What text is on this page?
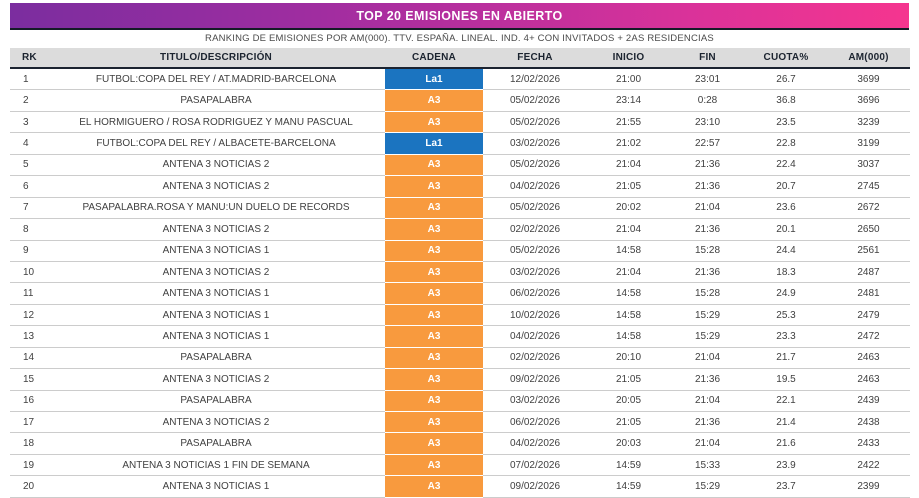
TOP 20 EMISIONES EN ABIERTO
RANKING DE EMISIONES POR AM(000). TTV. ESPAÑA. LINEAL. IND. 4+ CON INVITADOS + 2AS RESIDENCIAS
RK	TITULO/DESCRIPCIÓN	CADENA	FECHA	INICIO	FIN	CUOTA%	AM(000)
1	FUTBOL:COPA DEL REY / AT.MADRID-BARCELONA	La1	12/02/2026	21:00	23:01	26.7	3699
2	PASAPALABRA	A3	05/02/2026	23:14	0:28	36.8	3696
3	EL HORMIGUERO / ROSA RODRIGUEZ Y MANU PASCUAL	A3	05/02/2026	21:55	23:10	23.5	3239
4	FUTBOL:COPA DEL REY / ALBACETE-BARCELONA	La1	03/02/2026	21:02	22:57	22.8	3199
5	ANTENA 3 NOTICIAS 2	A3	05/02/2026	21:04	21:36	22.4	3037
6	ANTENA 3 NOTICIAS 2	A3	04/02/2026	21:05	21:36	20.7	2745
7	PASAPALABRA.ROSA Y MANU:UN DUELO DE RECORDS	A3	05/02/2026	20:02	21:04	23.6	2672
8	ANTENA 3 NOTICIAS 2	A3	02/02/2026	21:04	21:36	20.1	2650
9	ANTENA 3 NOTICIAS 1	A3	05/02/2026	14:58	15:28	24.4	2561
10	ANTENA 3 NOTICIAS 2	A3	03/02/2026	21:04	21:36	18.3	2487
11	ANTENA 3 NOTICIAS 1	A3	06/02/2026	14:58	15:28	24.9	2481
12	ANTENA 3 NOTICIAS 1	A3	10/02/2026	14:58	15:29	25.3	2479
13	ANTENA 3 NOTICIAS 1	A3	04/02/2026	14:58	15:29	23.3	2472
14	PASAPALABRA	A3	02/02/2026	20:10	21:04	21.7	2463
15	ANTENA 3 NOTICIAS 2	A3	09/02/2026	21:05	21:36	19.5	2463
16	PASAPALABRA	A3	03/02/2026	20:05	21:04	22.1	2439
17	ANTENA 3 NOTICIAS 2	A3	06/02/2026	21:05	21:36	21.4	2438
18	PASAPALABRA	A3	04/02/2026	20:03	21:04	21.6	2433
19	ANTENA 3 NOTICIAS 1 FIN DE SEMANA	A3	07/02/2026	14:59	15:33	23.9	2422
20	ANTENA 3 NOTICIAS 1	A3	09/02/2026	14:59	15:29	23.7	2399
